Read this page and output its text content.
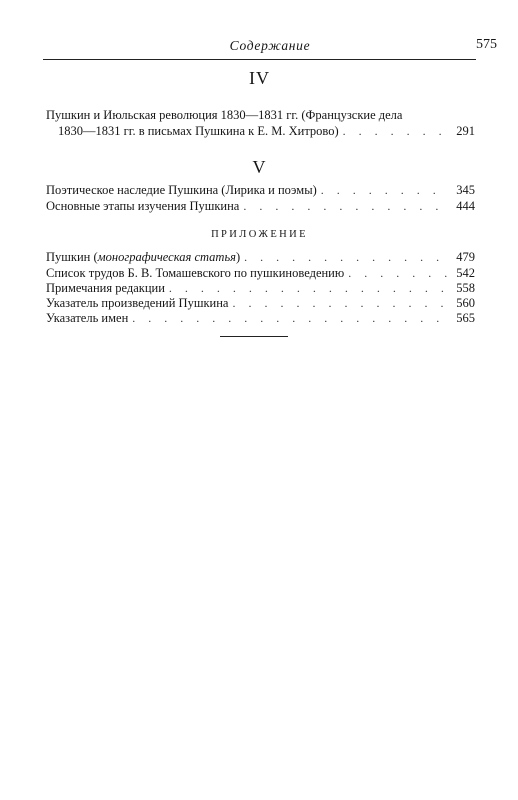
Содержание	575
IV
Пушкин и Июльская революция 1830—1831 гг. (Французские дела
1830—1831 гг. в письмах Пушкина к Е. М. Хитрово) . . .	291
V
Поэтическое наследие Пушкина (Лирика и поэмы) . . .	345
Основные этапы изучения Пушкина . . .	444
ПРИЛОЖЕНИЕ
Пушкин (монографическая статья) . . .	479
Список трудов Б. В. Томашевского по пушкиноведению . . .	542
Примечания редакции . . .	558
Указатель произведений Пушкина . . .	560
Указатель имен . . .	565
